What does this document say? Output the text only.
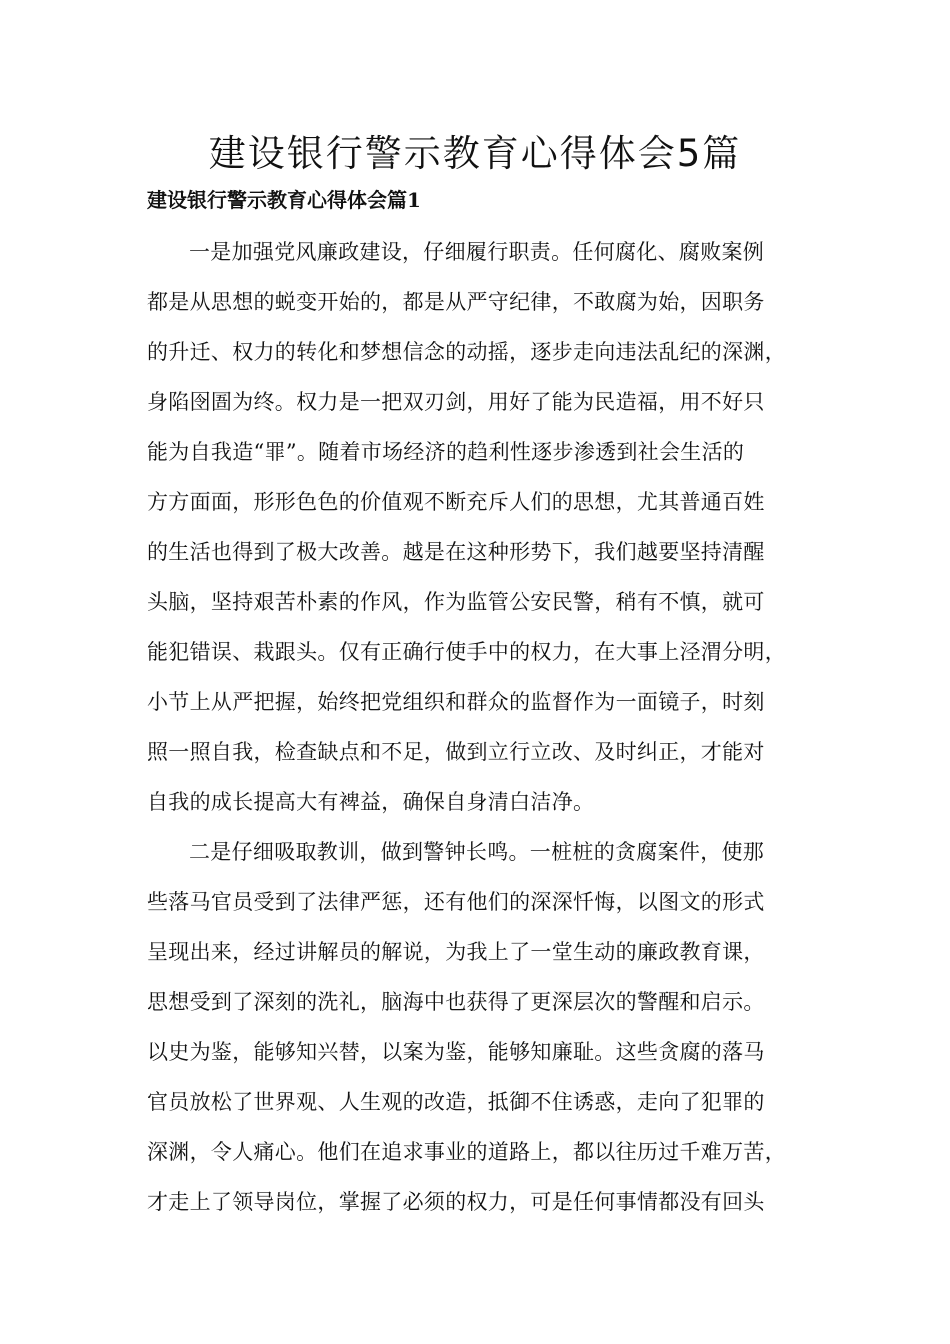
建设银行警示教育心得体会5篇
建设银行警示教育心得体会篇1
一是加强党风廉政建设，仔细履行职责。任何腐化、腐败案例
都是从思想的蜕变开始的，都是从严守纪律，不敢腐为始，因职务
的升迁、权力的转化和梦想信念的动摇，逐步走向违法乱纪的深渊，
身陷囹圄为终。权力是一把双刃剑，用好了能为民造福，用不好只
能为自我造“罪”。随着市场经济的趋利性逐步渗透到社会生活的
方方面面，形形色色的价值观不断充斥人们的思想，尤其普通百姓
的生活也得到了极大改善。越是在这种形势下，我们越要坚持清醒
头脑，坚持艰苦朴素的作风，作为监管公安民警，稍有不慎，就可
能犯错误、栽跟头。仅有正确行使手中的权力，在大事上泾渭分明，
小节上从严把握，始终把党组织和群众的监督作为一面镜子，时刻
照一照自我，检查缺点和不足，做到立行立改、及时纠正，才能对
自我的成长提高大有裨益，确保自身清白洁净。
二是仔细吸取教训，做到警钟长鸣。一桩桩的贪腐案件，使那
些落马官员受到了法律严惩，还有他们的深深忏悔，以图文的形式
呈现出来，经过讲解员的解说，为我上了一堂生动的廉政教育课，
思想受到了深刻的洗礼，脑海中也获得了更深层次的警醒和启示。
以史为鉴，能够知兴替，以案为鉴，能够知廉耻。这些贪腐的落马
官员放松了世界观、人生观的改造，抵御不住诱惑，走向了犯罪的
深渊，令人痛心。他们在追求事业的道路上，都以往历过千难万苦，
才走上了领导岗位，掌握了必须的权力，可是任何事情都没有回头
